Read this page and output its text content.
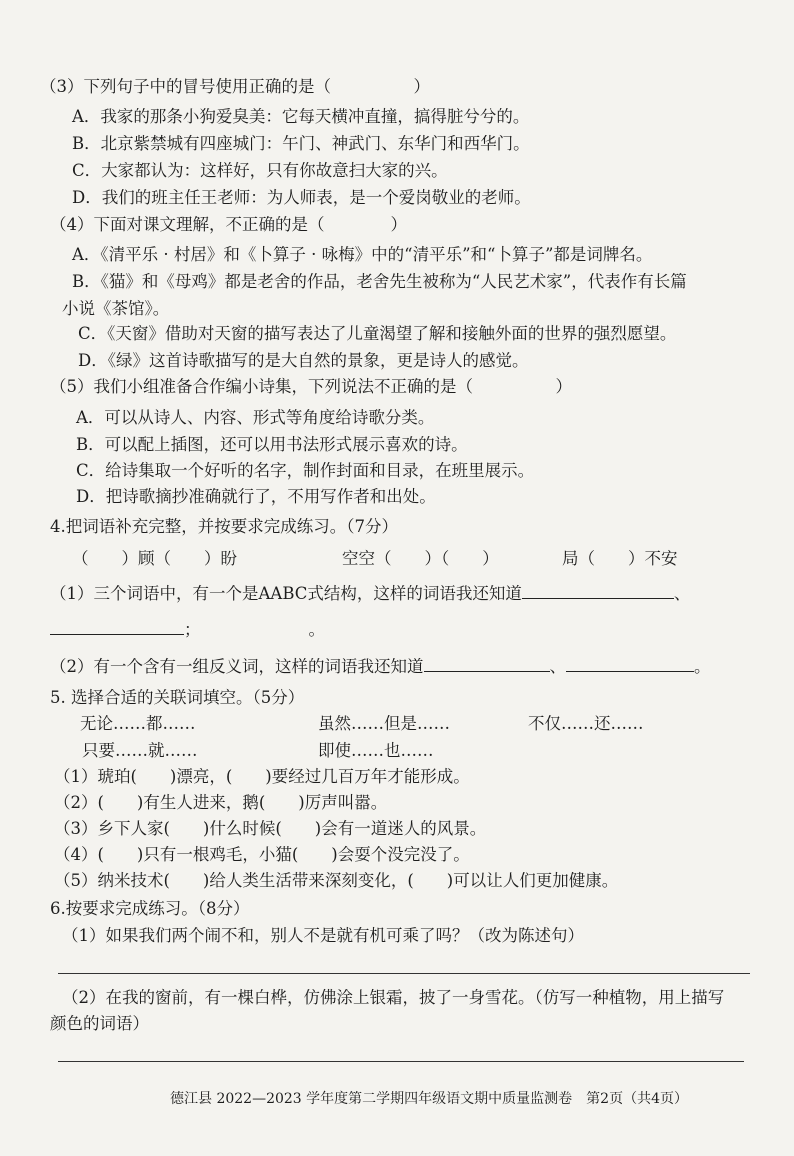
（3）下列句子中的冒号使用正确的是（　　　　　）
A．我家的那条小狗爱臭美：它每天横冲直撞，搞得脏兮兮的。
B．北京紫禁城有四座城门：午门、神武门、东华门和西华门。
C．大家都认为：这样好，只有你故意扫大家的兴。
D．我们的班主任王老师：为人师表，是一个爱岗敬业的老师。
（4）下面对课文理解，不正确的是（　　　　）
A．《清平乐 · 村居》和《卜算子 · 咏梅》中的“清平乐”和“卜算子”都是词牌名。
B．《猫》和《母鸡》都是老舍的作品，老舍先生被称为“人民艺术家”，代表作有长篇
小说《茶馆》。
C．《天窗》借助对天窗的描写表达了儿童渴望了解和接触外面的世界的强烈愿望。
D．《绿》这首诗歌描写的是大自然的景象，更是诗人的感觉。
（5）我们小组准备合作编小诗集，下列说法不正确的是（　　　　　）
A．可以从诗人、内容、形式等角度给诗歌分类。
B．可以配上插图，还可以用书法形式展示喜欢的诗。
C．给诗集取一个好听的名字，制作封面和目录，在班里展示。
D．把诗歌摘抄准确就行了，不用写作者和出处。
4.把词语补充完整，并按要求完成练习。（7分）
（　　）顾（　　）盼	空空（　　）（　　）	局（　　）不安
（1）三个词语中，有一个是AABC式结构，这样的词语我还知道	、
；	。
（2）有一个含有一组反义词，这样的词语我还知道	、	。
5. 选择合适的关联词填空。（5分）
无论……都……	虽然……但是……	不仅……还……
只要……就……	即使……也……
（1）琥珀(　　)漂亮，(　　)要经过几百万年才能形成。
（2）(　　)有生人进来，鹅(　　)厉声叫嚣。
（3）乡下人家(　　)什么时候(　　)会有一道迷人的风景。
（4）(　　)只有一根鸡毛，小猫(　　)会耍个没完没了。
（5）纳米技术(　　)给人类生活带来深刻变化，(　　)可以让人们更加健康。
6.按要求完成练习。（8分）
（1）如果我们两个闹不和，别人不是就有机可乘了吗？（改为陈述句）
（2）在我的窗前，有一棵白桦，仿佛涂上银霜，披了一身雪花。（仿写一种植物，用上描写
颜色的词语）
德江县 2022—2023 学年度第二学期四年级语文期中质量监测卷　第2页（共4页）
